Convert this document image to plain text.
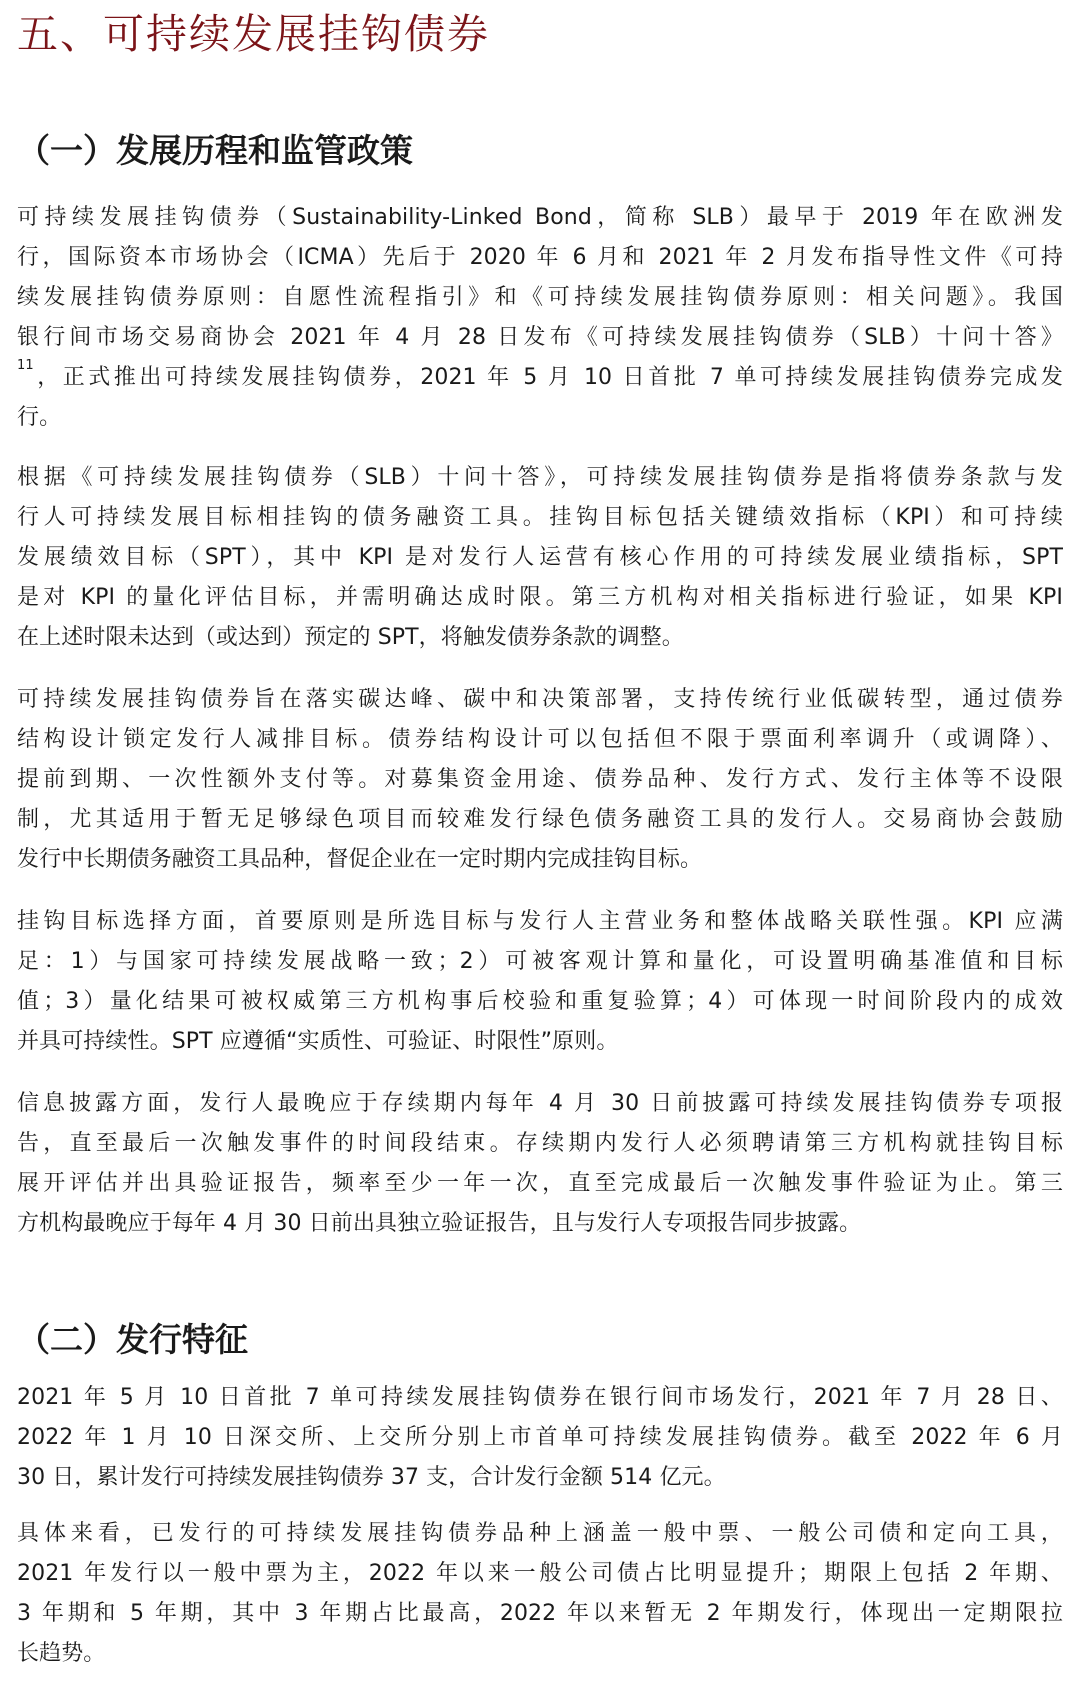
五、可持续发展挂钩债券
（一）发展历程和监管政策
可持续发展挂钩债券（Sustainability-Linked Bond，简称 SLB）最早于 2019 年在欧洲发
行，国际资本市场协会（ICMA）先后于 2020 年 6 月和 2021 年 2 月发布指导性文件《可持
续发展挂钩债券原则：自愿性流程指引》和《可持续发展挂钩债券原则：相关问题》。我国
银行间市场交易商协会 2021 年 4 月 28 日发布《可持续发展挂钩债券（SLB）十问十答》
$^{11}$，正式推出可持续发展挂钩债券，2021 年 5 月 10 日首批 7 单可持续发展挂钩债券完成发
行。
根据《可持续发展挂钩债券（SLB）十问十答》，可持续发展挂钩债券是指将债券条款与发
行人可持续发展目标相挂钩的债务融资工具。挂钩目标包括关键绩效指标（KPI）和可持续
发展绩效目标（SPT），其中 KPI 是对发行人运营有核心作用的可持续发展业绩指标，SPT
是对 KPI 的量化评估目标，并需明确达成时限。第三方机构对相关指标进行验证，如果 KPI
在上述时限未达到（或达到）预定的 SPT，将触发债券条款的调整。
可持续发展挂钩债券旨在落实碳达峰、碳中和决策部署，支持传统行业低碳转型，通过债券
结构设计锁定发行人减排目标。债券结构设计可以包括但不限于票面利率调升（或调降）、
提前到期、一次性额外支付等。对募集资金用途、债券品种、发行方式、发行主体等不设限
制，尤其适用于暂无足够绿色项目而较难发行绿色债务融资工具的发行人。交易商协会鼓励
发行中长期债务融资工具品种，督促企业在一定时期内完成挂钩目标。
挂钩目标选择方面，首要原则是所选目标与发行人主营业务和整体战略关联性强。KPI 应满
足：1）与国家可持续发展战略一致；2）可被客观计算和量化，可设置明确基准值和目标
值；3）量化结果可被权威第三方机构事后校验和重复验算；4）可体现一时间阶段内的成效
并具可持续性。SPT 应遵循“实质性、可验证、时限性”原则。
信息披露方面，发行人最晚应于存续期内每年 4 月 30 日前披露可持续发展挂钩债券专项报
告，直至最后一次触发事件的时间段结束。存续期内发行人必须聘请第三方机构就挂钩目标
展开评估并出具验证报告，频率至少一年一次，直至完成最后一次触发事件验证为止。第三
方机构最晚应于每年 4 月 30 日前出具独立验证报告，且与发行人专项报告同步披露。
（二）发行特征
2021 年 5 月 10 日首批 7 单可持续发展挂钩债券在银行间市场发行，2021 年 7 月 28 日、
2022 年 1 月 10 日深交所、上交所分别上市首单可持续发展挂钩债券。截至 2022 年 6 月
30 日，累计发行可持续发展挂钩债券 37 支，合计发行金额 514 亿元。
具体来看，已发行的可持续发展挂钩债券品种上涵盖一般中票、一般公司债和定向工具，
2021 年发行以一般中票为主，2022 年以来一般公司债占比明显提升；期限上包括 2 年期、
3 年期和 5 年期，其中 3 年期占比最高，2022 年以来暂无 2 年期发行，体现出一定期限拉
长趋势。
